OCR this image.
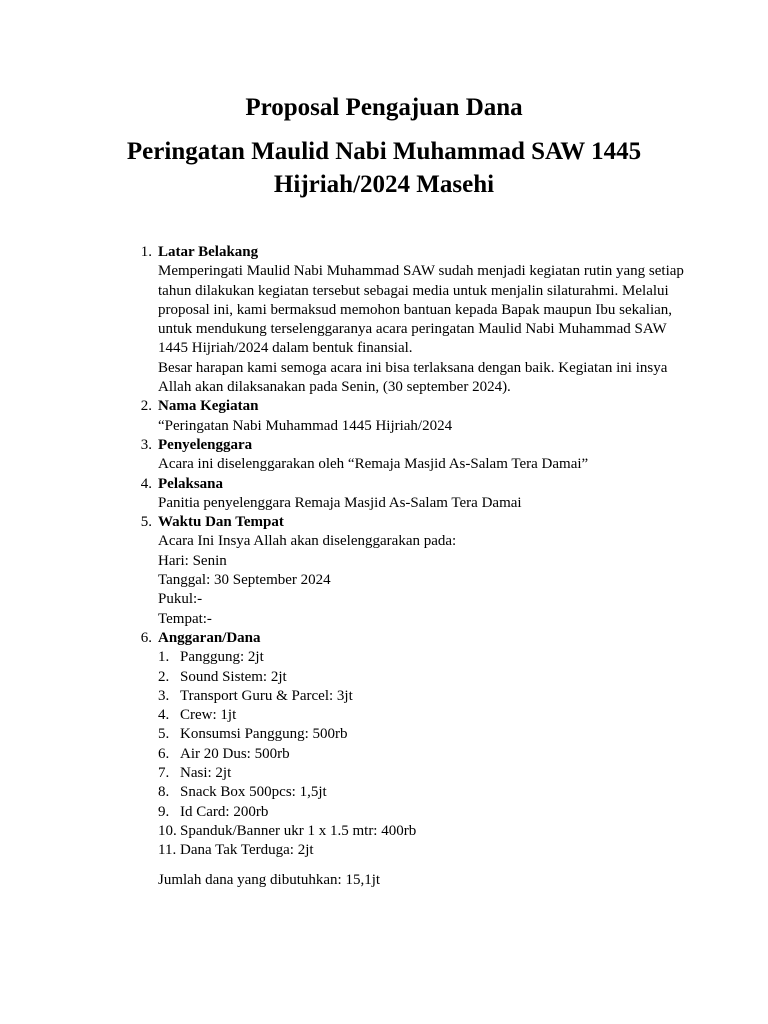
Proposal Pengajuan Dana
Peringatan Maulid Nabi Muhammad SAW 1445 Hijriah/2024 Masehi
1. Latar Belakang
Memperingati Maulid Nabi Muhammad SAW sudah menjadi kegiatan rutin yang setiap tahun dilakukan kegiatan tersebut sebagai media untuk menjalin silaturahmi. Melalui proposal ini, kami bermaksud memohon bantuan kepada Bapak maupun Ibu sekalian, untuk mendukung terselenggaranya acara peringatan Maulid Nabi Muhammad SAW 1445 Hijriah/2024 dalam bentuk finansial.
Besar harapan kami semoga acara ini bisa terlaksana dengan baik. Kegiatan ini insya Allah akan dilaksanakan pada Senin, (30 september 2024).
2. Nama Kegiatan
“Peringatan Nabi Muhammad 1445 Hijriah/2024
3. Penyelenggara
Acara ini diselenggarakan oleh “Remaja Masjid As-Salam Tera Damai”
4. Pelaksana
Panitia penyelenggara Remaja Masjid As-Salam Tera Damai
5. Waktu Dan Tempat
Acara Ini Insya Allah akan diselenggarakan pada:
Hari: Senin
Tanggal: 30 September 2024
Pukul:-
Tempat:-
6. Anggaran/Dana
1. Panggung: 2jt
2. Sound Sistem: 2jt
3. Transport Guru & Parcel: 3jt
4. Crew: 1jt
5. Konsumsi Panggung: 500rb
6. Air 20 Dus: 500rb
7. Nasi: 2jt
8. Snack Box 500pcs: 1,5jt
9. Id Card: 200rb
10. Spanduk/Banner ukr 1 x 1.5 mtr: 400rb
11. Dana Tak Terduga: 2jt
Jumlah dana yang dibutuhkan: 15,1jt
